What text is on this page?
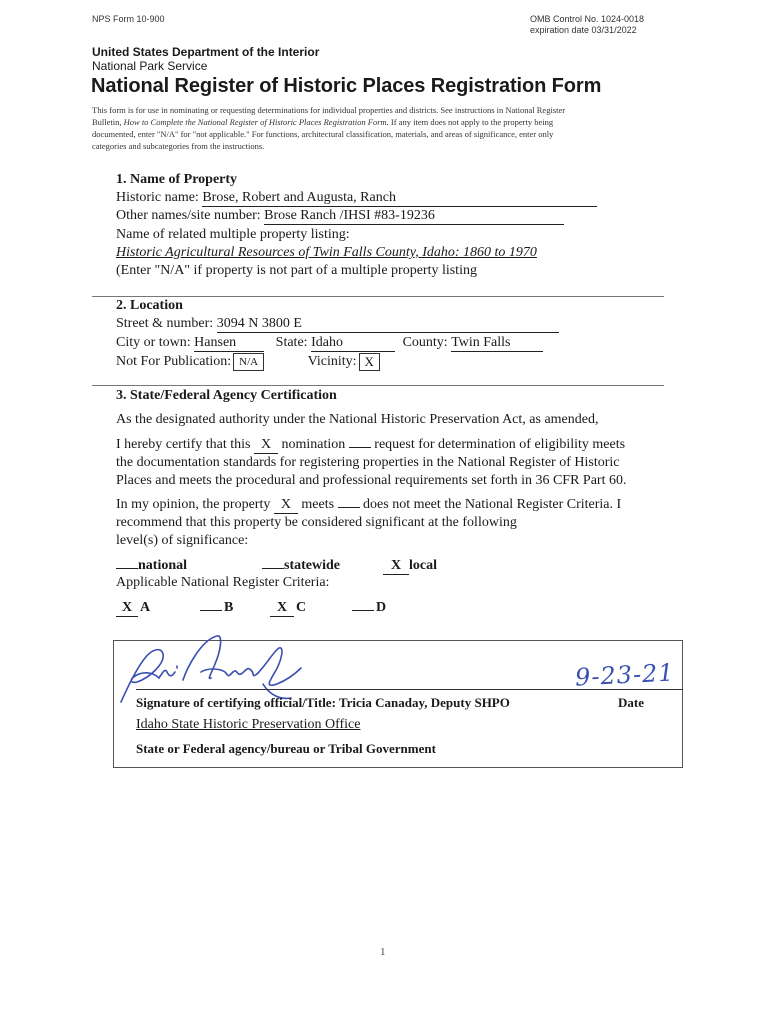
NPS Form 10-900	OMB Control No. 1024-0018
expiration date 03/31/2022
United States Department of the Interior
National Park Service
National Register of Historic Places Registration Form
This form is for use in nominating or requesting determinations for individual properties and districts. See instructions in National Register
Bulletin, How to Complete the National Register of Historic Places Registration Form. If any item does not apply to the property being
documented, enter "N/A" for "not applicable." For functions, architectural classification, materials, and areas of significance, enter only
categories and subcategories from the instructions.
1. Name of Property
Historic name: Brose, Robert and Augusta, Ranch
Other names/site number: Brose Ranch /IHSI #83-19236
Name of related multiple property listing:
Historic Agricultural Resources of Twin Falls County, Idaho: 1860 to 1970
(Enter "N/A" if property is not part of a multiple property listing
2. Location
Street & number: 3094 N 3800 E
City or town: Hansen	State: Idaho	County: Twin Falls
Not For Publication: N/A	Vicinity: X
3. State/Federal Agency Certification
As the designated authority under the National Historic Preservation Act, as amended,
I hereby certify that this X nomination  request for determination of eligibility meets
the documentation standards for registering properties in the National Register of Historic
Places and meets the procedural and professional requirements set forth in 36 CFR Part 60.
In my opinion, the property X meets  does not meet the National Register Criteria. I
recommend that this property be considered significant at the following
level(s) of significance:
national	statewide	X local
Applicable National Register Criteria:
X A	B	X C	D
9-23-21
Signature of certifying official/Title: Tricia Canaday, Deputy SHPO	Date
Idaho State Historic Preservation Office
State or Federal agency/bureau or Tribal Government
1
